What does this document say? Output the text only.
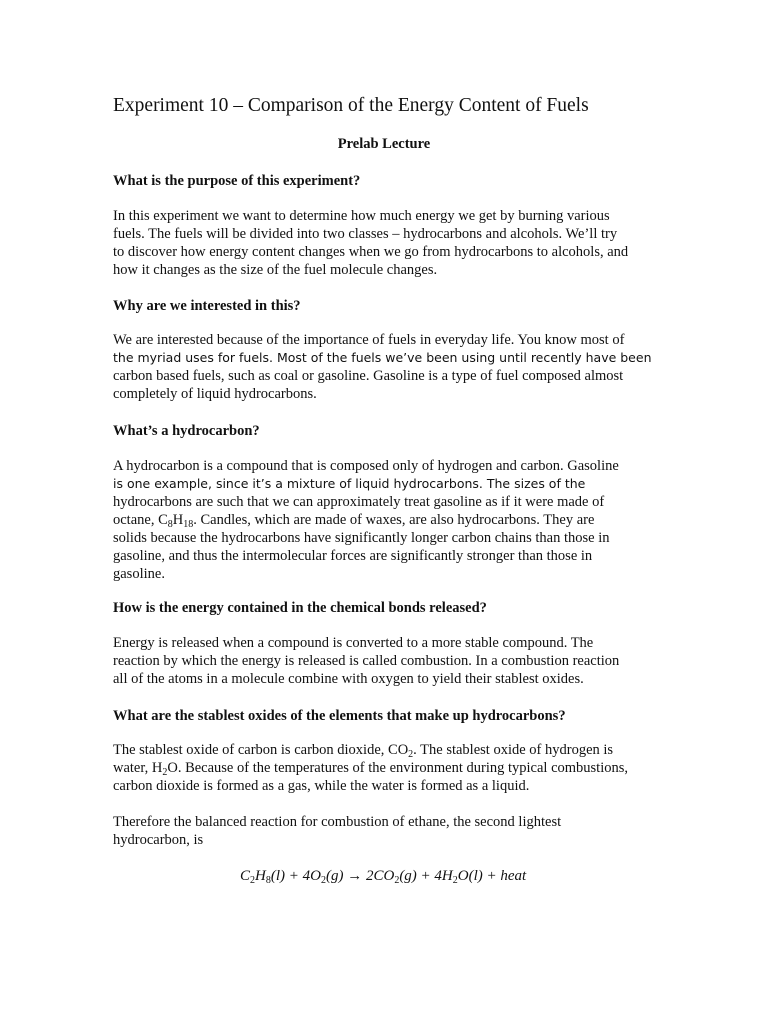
Experiment 10 – Comparison of the Energy Content of Fuels
Prelab Lecture
What is the purpose of this experiment?
In this experiment we want to determine how much energy we get by burning various
fuels. The fuels will be divided into two classes – hydrocarbons and alcohols. We’ll try
to discover how energy content changes when we go from hydrocarbons to alcohols, and
how it changes as the size of the fuel molecule changes.
Why are we interested in this?
We are interested because of the importance of fuels in everyday life. You know most of
the myriad uses for fuels. Most of the fuels we’ve been using until recently have been
carbon based fuels, such as coal or gasoline. Gasoline is a type of fuel composed almost
completely of liquid hydrocarbons.
What’s a hydrocarbon?
A hydrocarbon is a compound that is composed only of hydrogen and carbon. Gasoline
is one example, since it’s a mixture of liquid hydrocarbons. The sizes of the
hydrocarbons are such that we can approximately treat gasoline as if it were made of
octane, $C_8H_{18}$. Candles, which are made of waxes, are also hydrocarbons. They are
solids because the hydrocarbons have significantly longer carbon chains than those in
gasoline, and thus the intermolecular forces are significantly stronger than those in
gasoline.
How is the energy contained in the chemical bonds released?
Energy is released when a compound is converted to a more stable compound. The
reaction by which the energy is released is called combustion. In a combustion reaction
all of the atoms in a molecule combine with oxygen to yield their stablest oxides.
What are the stablest oxides of the elements that make up hydrocarbons?
The stablest oxide of carbon is carbon dioxide, $CO_2$. The stablest oxide of hydrogen is
water, $H_2O$. Because of the temperatures of the environment during typical combustions,
carbon dioxide is formed as a gas, while the water is formed as a liquid.
Therefore the balanced reaction for combustion of ethane, the second lightest
hydrocarbon, is
$C_2H_8(l) + 4O_2(g) \to 2CO_2(g) + 4H_2O(l)$ + heat
